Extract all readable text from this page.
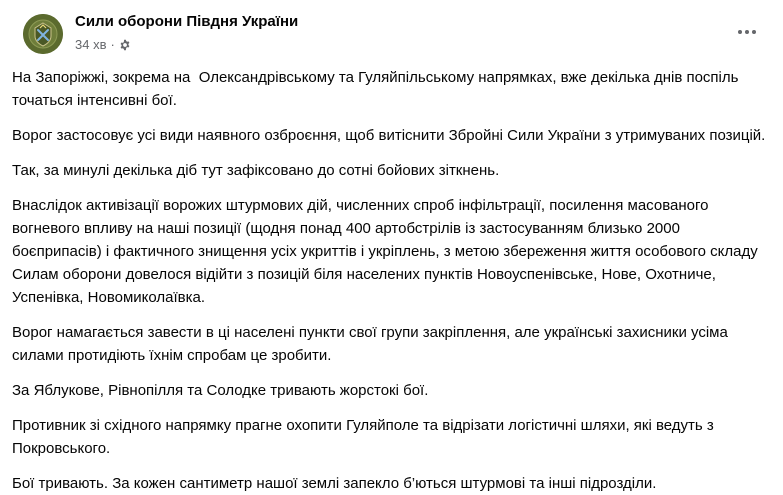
Сили оборони Півдня України
34 хв ·

На Запоріжжі, зокрема на  Олександрівському та Гуляйпільському напрямках, вже декілька днів поспіль точаться інтенсивні бої.

Ворог застосовує усі види наявного озброєння, щоб витіснити Збройні Сили України з утримуваних позицій.

Так, за минулі декілька діб тут зафіксовано до сотні бойових зіткнень.

Внаслідок активізації ворожих штурмових дій, численних спроб інфільтрації, посилення масованого вогневого впливу на наші позиції (щодня понад 400 артобстрілів із застосуванням близько 2000 боєприпасів) і фактичного знищення усіх укриттів і укріплень, з метою збереження життя особового складу Силам оборони довелося відійти з позицій біля населених пунктів Новоуспенівське, Нове, Охотниче, Успенівка, Новомиколаївка.

Ворог намагається завести в ці населені пункти свої групи закріплення, але українські захисники усіма силами протидіють їхнім спробам це зробити.

За Яблукове, Рівнопілля та Солодке тривають жорстокі бої.

Противник зі східного напрямку прагне охопити Гуляйполе та відрізати логістичні шляхи, які ведуть з Покровського.

Бої тривають. За кожен сантиметр нашої землі запекло б’ються штурмові та інші підрозділи.
